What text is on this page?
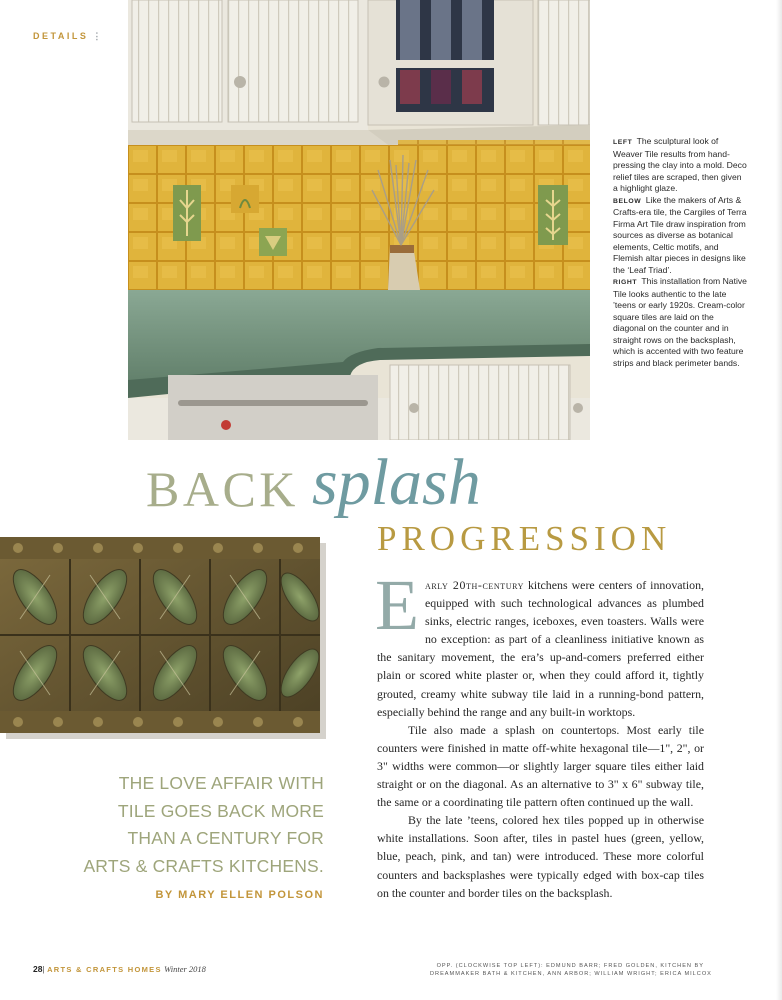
DETAILS ⋮

LEFT The sculptural look of Weaver Tile results from hand-pressing the clay into a mold. Deco relief tiles are scraped, then given a highlight glaze.

BELOW Like the makers of Arts & Crafts-era tile, the Cargiles of Terra Firma Art Tile draw inspiration from sources as diverse as botanical elements, Celtic motifs, and Flemish altar pieces in designs like the ‘Leaf Triad’.

RIGHT This installation from Native Tile looks authentic to the late ’teens or early 1920s. Cream-color square tiles are laid on the diagonal on the counter and in straight rows on the backsplash, which is accented with two feature strips and black perimeter bands.

BACK splash
PROGRESSION
THE LOVE AFFAIR WITH
TILE GOES BACK MORE
THAN A CENTURY FOR
ARTS & CRAFTS KITCHENS.
BY MARY ELLEN POLSON

Early 20th-century kitchens were centers of innovation, equipped with such technological advances as plumbed sinks, electric ranges, iceboxes, even toasters. Walls were no exception: as part of a cleanliness initiative known as the sanitary movement, the era’s up-and-comers preferred either plain or scored white plaster or, when they could afford it, tightly grouted, creamy white subway tile laid in a running-bond pattern, especially behind the range and any built-in worktops.

Tile also made a splash on countertops. Most early tile counters were finished in matte off-white hexagonal tile—1", 2", or 3" widths were common—or slightly larger square tiles either laid straight or on the diagonal. As an alternative to 3" x 6" subway tile, the same or a coordinating tile pattern often continued up the wall.

By the late ’teens, colored hex tiles popped up in otherwise white installations. Soon after, tiles in pastel hues (green, yellow, blue, peach, pink, and tan) were introduced. These more colorful counters and backsplashes were typically edged with box-cap tiles on the counter and border tiles on the backsplash.

28| ARTS & CRAFTS HOMES Winter 2018	OPP. (CLOCKWISE TOP LEFT): EDMUND BARR; FRED GOLDEN, KITCHEN BY
DREAMMAKER BATH & KITCHEN, ANN ARBOR; WILLIAM WRIGHT; ERICA MILCOX
